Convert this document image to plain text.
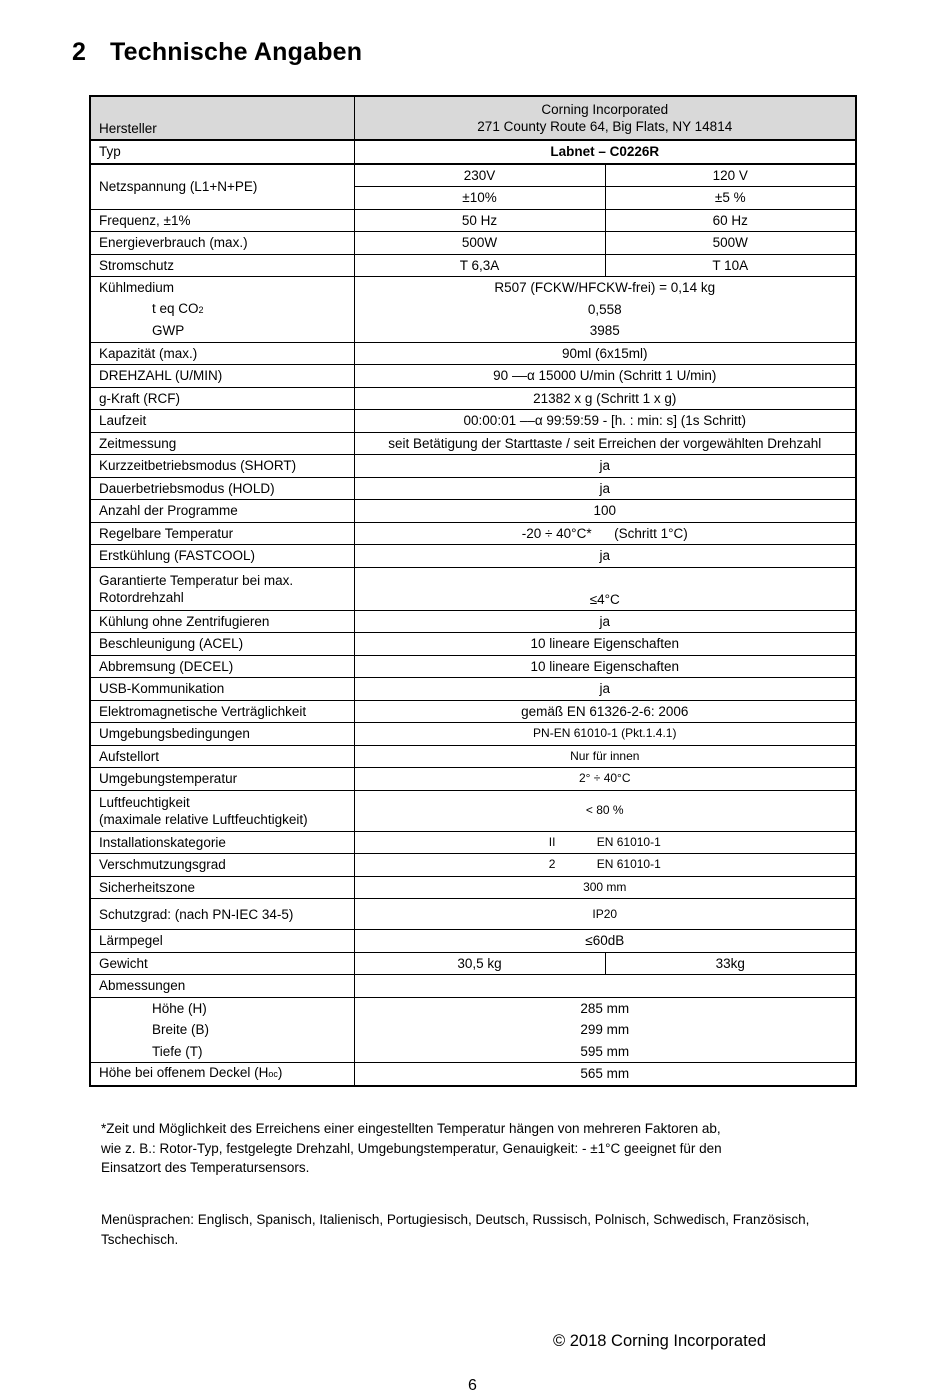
2 Technische Angaben
Hersteller	Corning Incorporated
271 County Route 64, Big Flats, NY 14814	

Typ	Labnet – C0226R	
Netzspannung (L1+N+PE)	230V	120 V
	±10%	±5 %
Frequenz, ±1%	50 Hz	60 Hz
Energieverbrauch (max.)	500W	500W
Stromschutz	T 6,3A	T 10A
Kühlmedium	R507 (FCKW/HFCKW-frei) = 0,14 kg	
t eq CO2	0,558	
GWP	3985	
Kapazität (max.)	90ml (6x15ml)	
DREHZAHL (U/MIN)	90 ––α 15000 U/min (Schritt 1 U/min)	
g-Kraft (RCF)	21382 x g (Schritt 1 x g)	
Laufzeit	00:00:01 ––α 99:59:59 - [h. : min: s] (1s Schritt)	
Zeitmessung	seit Betätigung der Starttaste / seit Erreichen der vorgewählten Drehzahl	
Kurzzeitbetriebsmodus (SHORT)	ja	
Dauerbetriebsmodus (HOLD)	ja	
Anzahl der Programme	100	
Regelbare Temperatur	-20 ÷ 40°C* (Schritt 1°C)	
Erstkühlung (FASTCOOL)	ja	

Garantierte Temperatur bei max.
Rotordrehzahl	≤4°C	
Kühlung ohne Zentrifugieren	ja	
Beschleunigung (ACEL)	10 lineare Eigenschaften	
Abbremsung (DECEL)	10 lineare Eigenschaften	
USB-Kommunikation	ja	
Elektromagnetische Verträglichkeit	gemäß EN 61326-2-6: 2006	
Umgebungsbedingungen	PN-EN 61010-1 (Pkt.1.4.1)	
Aufstellort	Nur für innen	
Umgebungstemperatur	2° ÷ 40°C	

Luftfeuchtigkeit
(maximale relative Luftfeuchtigkeit)	< 80 %	
Installationskategorie	II EN 61010-1	
Verschmutzungsgrad	2 EN 61010-1	
Sicherheitszone	300 mm	
Schutzgrad: (nach PN-IEC 34-5)	IP20	
Lärmpegel	≤60dB	
Gewicht	30,5 kg	33kg
Abmessungen		
Höhe (H)	285 mm	
Breite (B)	299 mm	
Tiefe (T)	595 mm	
Höhe bei offenem Deckel (Hoc)	565 mm	
*Zeit und Möglichkeit des Erreichens einer eingestellten Temperatur hängen von mehreren Faktoren ab,
wie z. B.: Rotor-Typ, festgelegte Drehzahl, Umgebungstemperatur, Genauigkeit: - ±1°C geeignet für den
Einsatzort des Temperatursensors.
Menüsprachen: Englisch, Spanisch, Italienisch, Portugiesisch, Deutsch, Russisch, Polnisch, Schwedisch, Französisch,
Tschechisch.
© 2018 Corning Incorporated
6
